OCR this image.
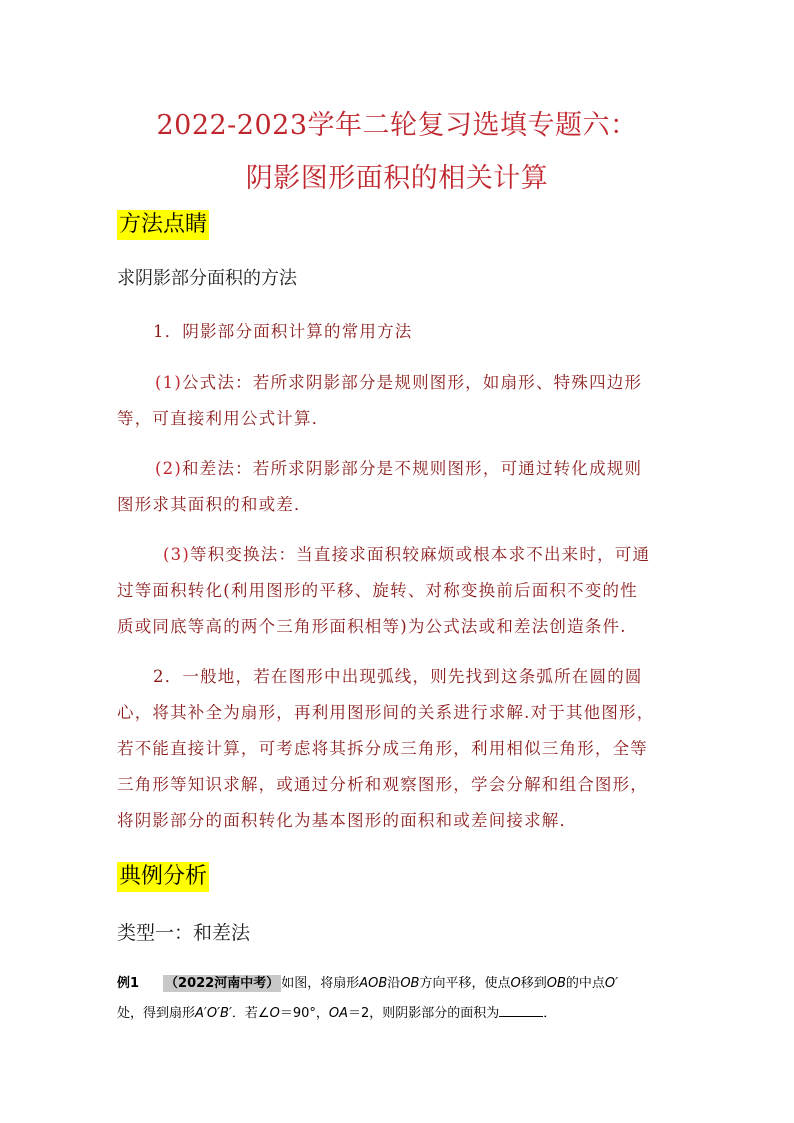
2022-2023学年二轮复习选填专题六：
阴影图形面积的相关计算
方法点睛
求阴影部分面积的方法
1．阴影部分面积计算的常用方法
(1)公式法：若所求阴影部分是规则图形，如扇形、特殊四边形
等，可直接利用公式计算．
(2)和差法：若所求阴影部分是不规则图形，可通过转化成规则
图形求其面积的和或差．
(3)等积变换法：当直接求面积较麻烦或根本求不出来时，可通
过等面积转化(利用图形的平移、旋转、对称变换前后面积不变的性
质或同底等高的两个三角形面积相等)为公式法或和差法创造条件.
2．一般地，若在图形中出现弧线，则先找到这条弧所在圆的圆
心，将其补全为扇形，再利用图形间的关系进行求解.对于其他图形，
若不能直接计算，可考虑将其拆分成三角形，利用相似三角形，全等
三角形等知识求解，或通过分析和观察图形，学会分解和组合图形，
将阴影部分的面积转化为基本图形的面积和或差间接求解．
典例分析
类型一：和差法
例1 （2022河南中考） 如图，将扇形AOB沿OB方向平移，使点O移到OB的中点O′
处，得到扇形A′O′B′．若∠O＝90°，OA＝2，则阴影部分的面积为	．
